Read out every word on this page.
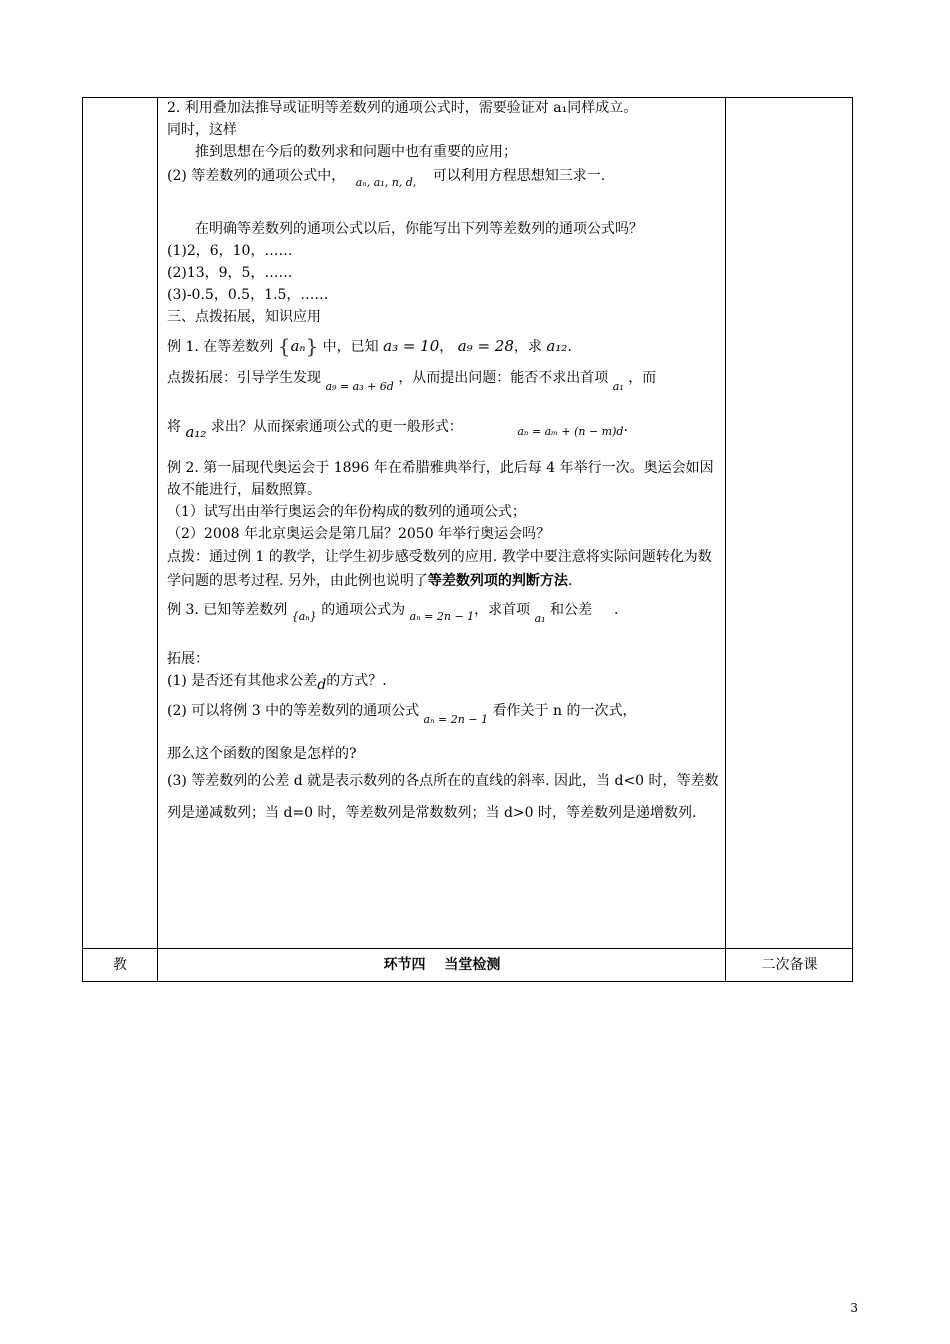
2. 利用叠加法推导或证明等差数列的通项公式时，需要验证对 a₁同样成立。

同时，这样

推到思想在今后的数列求和问题中也有重要的应用；

(2) 等差数列的通项公式中， $_{a_n, a_1, n, d,}$ 可以利用方程思想知三求一.

在明确等差数列的通项公式以后，你能写出下列等差数列的通项公式吗？

(1)2，6，10，……

(2)13，9，5，……

(3)-0.5，0.5，1.5，……

三、点拨拓展，知识应用

例 1. 在等差数列 {aₙ} 中，已知 a₃ = 10， a₉ = 28，求 a₁₂.

点拨拓展：引导学生发现 $_{a_9 = a_3 + 6d}$ ，从而提出问题：能否不求出首项 $_{a_1}$ ，而

将 a₁₂ 求出？从而探索通项公式的更一般形式：	$_{a_n = a_m + (n - m)d}$.

例 2. 第一届现代奥运会于 1896 年在希腊雅典举行，此后每 4 年举行一次。奥运会如因故不能进行，届数照算。

（1）试写出由举行奥运会的年份构成的数列的通项公式；

（2）2008 年北京奥运会是第几届？2050 年举行奥运会吗？

点拨：通过例 1 的教学，让学生初步感受数列的应用. 教学中要注意将实际问题转化为数学问题的思考过程. 另外，由此例也说明了等差数列项的判断方法.

例 3. 已知等差数列 $_{\{a_n\}}$ 的通项公式为 $_{a_n = 2n - 1}$，求首项 $_{a_1}$ 和公差 .

拓展：

(1) 是否还有其他求公差d的方式？.

(2) 可以将例 3 中的等差数列的通项公式 $_{a_n = 2n - 1}$ 看作关于 n 的一次式，

那么这个函数的图象是怎样的?

(3) 等差数列的公差 d 就是表示数列的各点所在的直线的斜率. 因此，当 d<0 时，等差数列是递减数列；当 d=0 时，等差数列是常数数列；当 d>0 时，等差数列是递增数列.

教	环节四　 当堂检测	二次备课
3
